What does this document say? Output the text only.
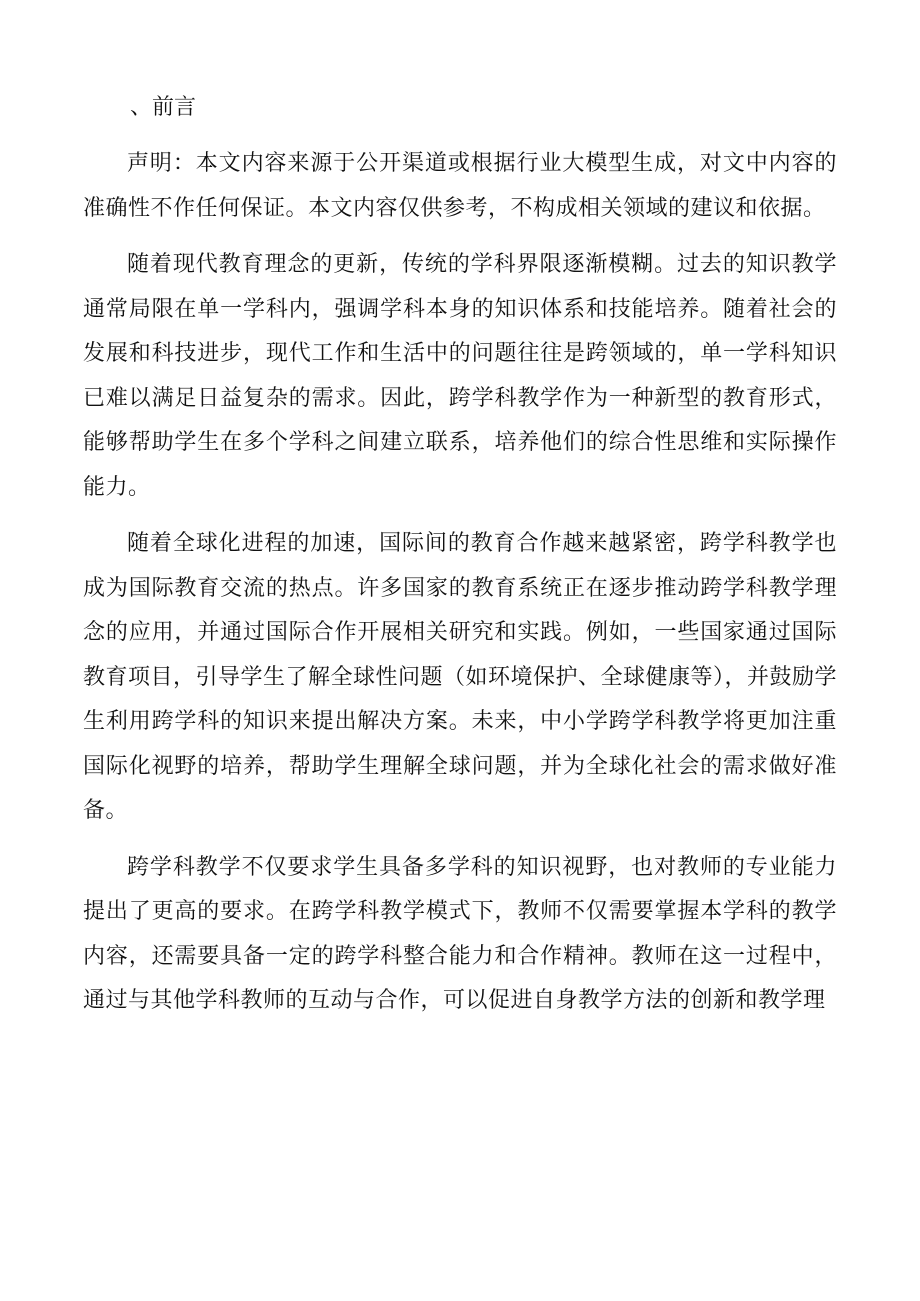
、前言

声明：本文内容来源于公开渠道或根据行业大模型生成，对文中内容的准确性不作任何保证。本文内容仅供参考，不构成相关领域的建议和依据。

随着现代教育理念的更新，传统的学科界限逐渐模糊。过去的知识教学通常局限在单一学科内，强调学科本身的知识体系和技能培养。随着社会的发展和科技进步，现代工作和生活中的问题往往是跨领域的，单一学科知识已难以满足日益复杂的需求。因此，跨学科教学作为一种新型的教育形式，能够帮助学生在多个学科之间建立联系，培养他们的综合性思维和实际操作能力。

随着全球化进程的加速，国际间的教育合作越来越紧密，跨学科教学也成为国际教育交流的热点。许多国家的教育系统正在逐步推动跨学科教学理念的应用，并通过国际合作开展相关研究和实践。例如，一些国家通过国际教育项目，引导学生了解全球性问题（如环境保护、全球健康等），并鼓励学生利用跨学科的知识来提出解决方案。未来，中小学跨学科教学将更加注重国际化视野的培养，帮助学生理解全球问题，并为全球化社会的需求做好准备。

跨学科教学不仅要求学生具备多学科的知识视野，也对教师的专业能力提出了更高的要求。在跨学科教学模式下，教师不仅需要掌握本学科的教学内容，还需要具备一定的跨学科整合能力和合作精神。教师在这一过程中，通过与其他学科教师的互动与合作，可以促进自身教学方法的创新和教学理
